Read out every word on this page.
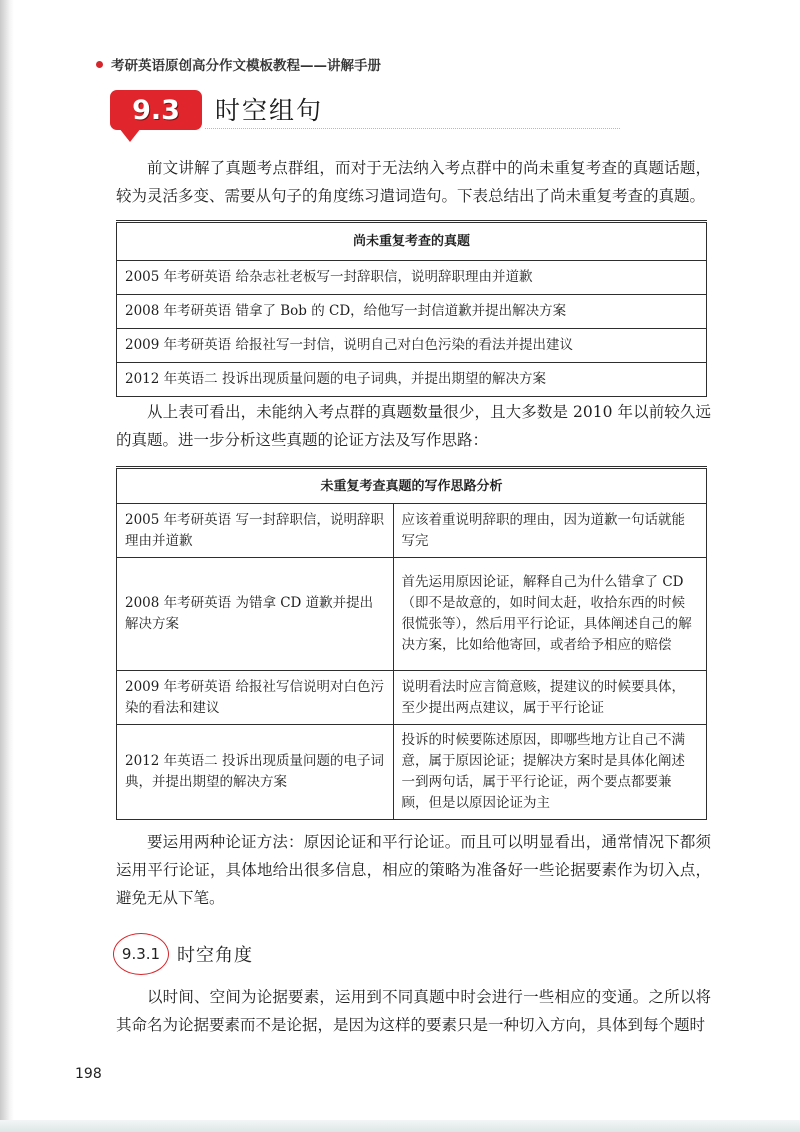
考研英语原创高分作文模板教程——讲解手册
9.3 时空组句

前文讲解了真题考点群组，而对于无法纳入考点群中的尚未重复考查的真题话题，较为灵活多变、需要从句子的角度练习遣词造句。下表总结出了尚未重复考查的真题。

尚未重复考查的真题
2005 年考研英语 给杂志社老板写一封辞职信，说明辞职理由并道歉
2008 年考研英语 错拿了 Bob 的 CD，给他写一封信道歉并提出解决方案
2009 年考研英语 给报社写一封信，说明自己对白色污染的看法并提出建议
2012 年英语二 投诉出现质量问题的电子词典，并提出期望的解决方案

从上表可看出，未能纳入考点群的真题数量很少，且大多数是 2010 年以前较久远的真题。进一步分析这些真题的论证方法及写作思路：

未重复考查真题的写作思路分析	
2005 年考研英语 写一封辞职信，说明辞职理由并道歉	应该着重说明辞职的理由，因为道歉一句话就能写完
2008 年考研英语 为错拿 CD 道歉并提出解决方案	首先运用原因论证，解释自己为什么错拿了 CD（即不是故意的，如时间太赶，收拾东西的时候很慌张等），然后用平行论证，具体阐述自己的解决方案，比如给他寄回，或者给予相应的赔偿
2009 年考研英语 给报社写信说明对白色污染的看法和建议	说明看法时应言简意赅，提建议的时候要具体，至少提出两点建议，属于平行论证
2012 年英语二 投诉出现质量问题的电子词典，并提出期望的解决方案	投诉的时候要陈述原因，即哪些地方让自己不满意，属于原因论证；提解决方案时是具体化阐述一到两句话，属于平行论证，两个要点都要兼顾，但是以原因论证为主

要运用两种论证方法：原因论证和平行论证。而且可以明显看出，通常情况下都须运用平行论证，具体地给出很多信息，相应的策略为准备好一些论据要素作为切入点，避免无从下笔。

9.3.1 时空角度

以时间、空间为论据要素，运用到不同真题中时会进行一些相应的变通。之所以将其命名为论据要素而不是论据，是因为这样的要素只是一种切入方向，具体到每个题时

198
